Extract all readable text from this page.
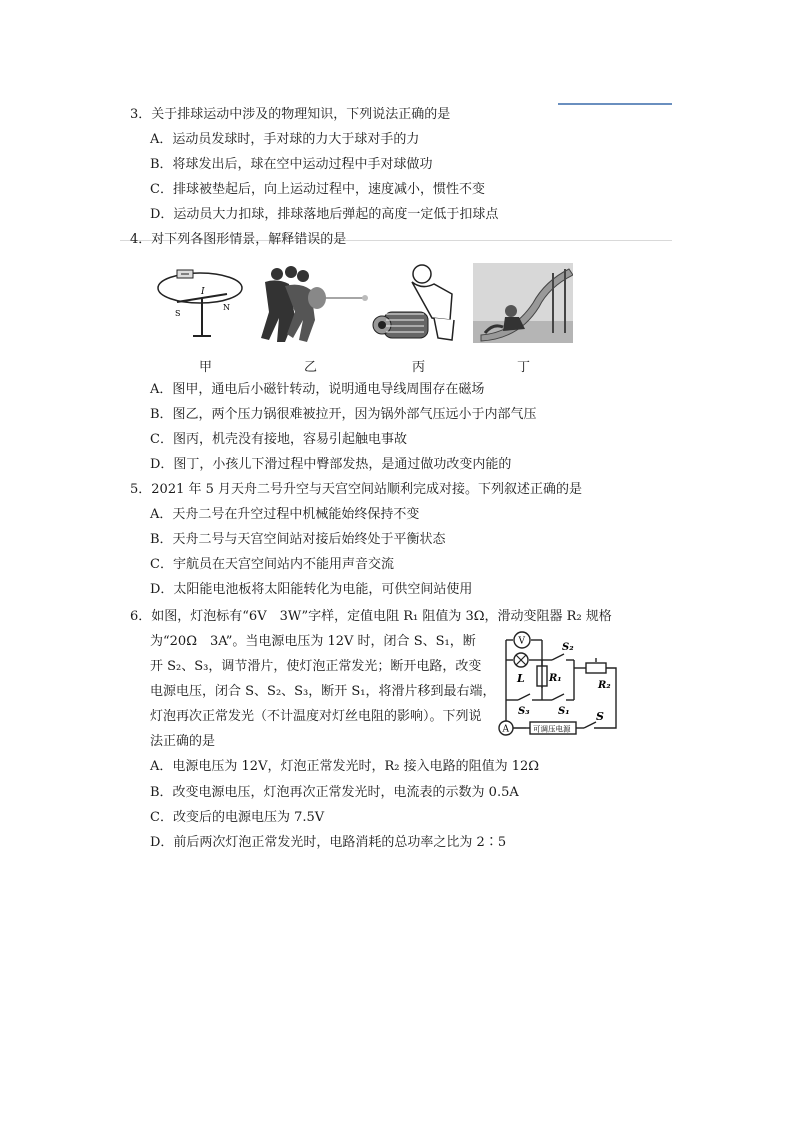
3．关于排球运动中涉及的物理知识，下列说法正确的是
A．运动员发球时，手对球的力大于球对手的力
B．将球发出后，球在空中运动过程中手对球做功
C．排球被垫起后，向上运动过程中，速度减小，惯性不变
D．运动员大力扣球，排球落地后弹起的高度一定低于扣球点
4．对下列各图形情景，解释错误的是
I
S
N
甲	乙	丙	丁
A．图甲，通电后小磁针转动，说明通电导线周围存在磁场
B．图乙，两个压力锅很难被拉开，因为锅外部气压远小于内部气压
C．图丙，机壳没有接地，容易引起触电事故
D．图丁，小孩儿下滑过程中臀部发热，是通过做功改变内能的
5．2021 年 5 月天舟二号升空与天宫空间站顺利完成对接。下列叙述正确的是
A．天舟二号在升空过程中机械能始终保持不变
B．天舟二号与天宫空间站对接后始终处于平衡状态
C．宇航员在天宫空间站内不能用声音交流
D．太阳能电池板将太阳能转化为电能，可供空间站使用
6．如图，灯泡标有“6V　3W”字样，定值电阻 R₁ 阻值为 3Ω，滑动变阻器 R₂ 规格
为“20Ω　3A”。当电源电压为 12V 时，闭合 S、S₁，断
开 S₂、S₃，调节滑片，使灯泡正常发光；断开电路，改变
电源电压，闭合 S、S₂、S₃，断开 S₁，将滑片移到最右端，
灯泡再次正常发光（不计温度对灯丝电阻的影响）。下列说
法正确的是
V
L R₁
R₂
S₂
S₃	S₁ S
A	可调压电源
A．电源电压为 12V，灯泡正常发光时，R₂ 接入电路的阻值为 12Ω
B．改变电源电压，灯泡再次正常发光时，电流表的示数为 0.5A
C．改变后的电源电压为 7.5V
D．前后两次灯泡正常发光时，电路消耗的总功率之比为 2∶5
